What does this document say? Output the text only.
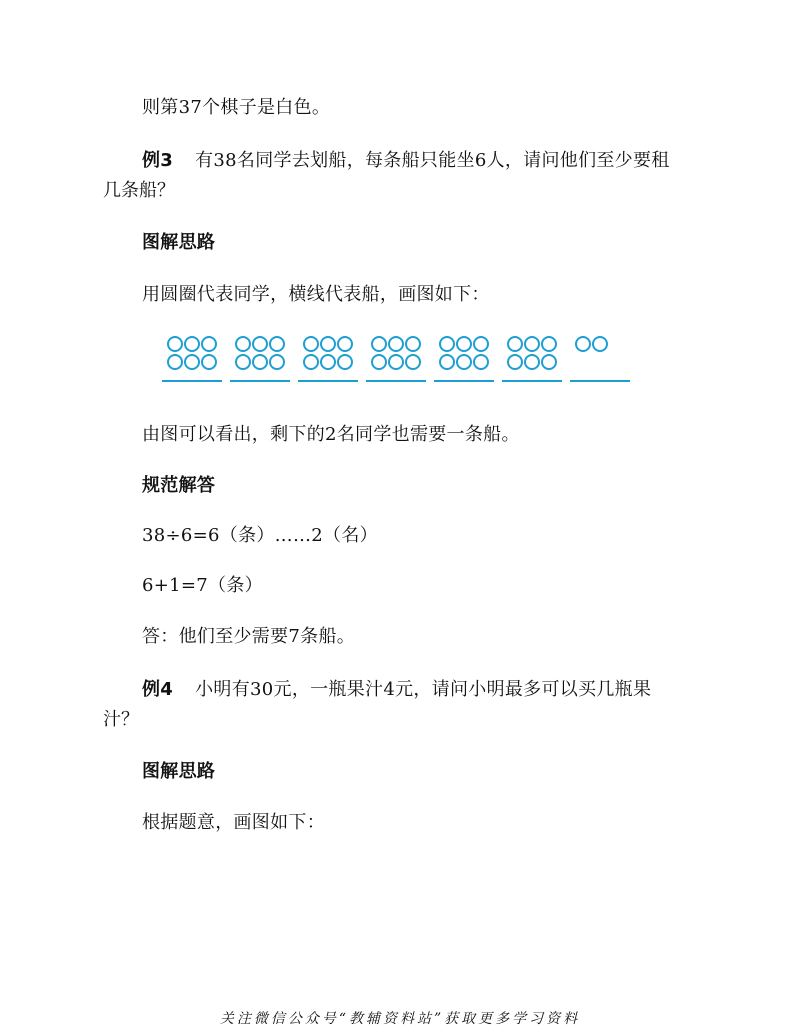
则第37个棋子是白色。
例3 有38名同学去划船，每条船只能坐6人，请问他们至少要租
几条船？
图解思路
用圆圈代表同学，横线代表船，画图如下：
由图可以看出，剩下的2名同学也需要一条船。
规范解答
38÷6=6（条）……2（名）
6+1=7（条）
答：他们至少需要7条船。
例4 小明有30元，一瓶果汁4元，请问小明最多可以买几瓶果
汁？
图解思路
根据题意，画图如下：
关注微信公众号“教辅资料站”获取更多学习资料
